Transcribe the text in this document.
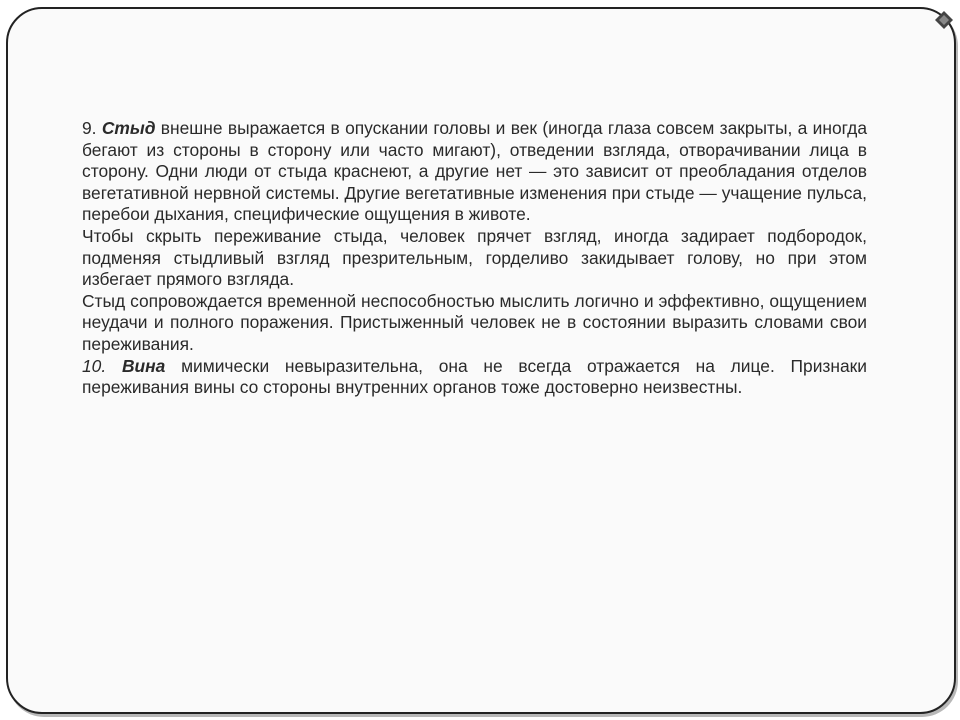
9. Стыд внешне выражается в опускании головы и век (иногда глаза совсем закрыты, а иногда бегают из стороны в сторону или часто мигают), отведении взгляда, отворачивании лица в сторону. Одни люди от стыда краснеют, а другие нет — это зависит от преобладания отделов вегетативной нервной системы. Другие вегетативные изменения при стыде — учащение пульса, перебои дыхания, специфические ощущения в животе.

Чтобы скрыть переживание стыда, человек прячет взгляд, иногда задирает подбородок, подменяя стыдливый взгляд презрительным, горделиво закидывает голову, но при этом избегает прямого взгляда.

Стыд сопровождается временной неспособностью мыслить логично и эффективно, ощущением неудачи и полного поражения. Пристыженный человек не в состоянии выразить словами свои переживания.

10. Вина мимически невыразительна, она не всегда отражается на лице. Признаки переживания вины со стороны внутренних органов тоже достоверно неизвестны.
